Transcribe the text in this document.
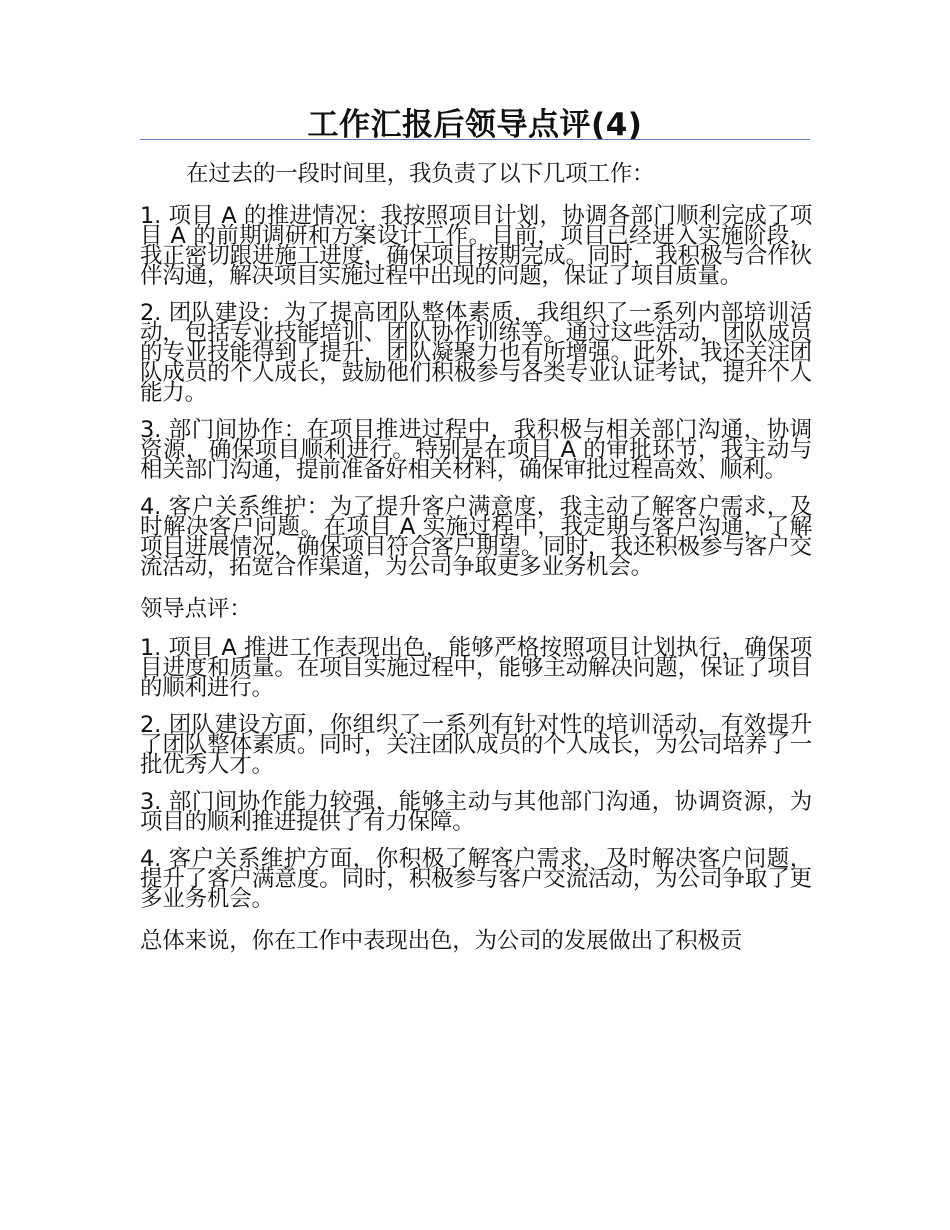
工作汇报后领导点评(4)

在过去的一段时间里，我负责了以下几项工作：

1. 项目 A 的推进情况：我按照项目计划，协调各部门顺利完成了项目 A 的前期调研和方案设计工作。目前，项目已经进入实施阶段，我正密切跟进施工进度，确保项目按期完成。同时，我积极与合作伙伴沟通，解决项目实施过程中出现的问题，保证了项目质量。

2. 团队建设：为了提高团队整体素质，我组织了一系列内部培训活动，包括专业技能培训、团队协作训练等。通过这些活动，团队成员的专业技能得到了提升，团队凝聚力也有所增强。此外，我还关注团队成员的个人成长，鼓励他们积极参与各类专业认证考试，提升个人能力。

3. 部门间协作：在项目推进过程中，我积极与相关部门沟通，协调资源，确保项目顺利进行。特别是在项目 A 的审批环节，我主动与相关部门沟通，提前准备好相关材料，确保审批过程高效、顺利。

4. 客户关系维护：为了提升客户满意度，我主动了解客户需求，及时解决客户问题。在项目 A 实施过程中，我定期与客户沟通，了解项目进展情况，确保项目符合客户期望。同时，我还积极参与客户交流活动，拓宽合作渠道，为公司争取更多业务机会。

领导点评：

1. 项目 A 推进工作表现出色，能够严格按照项目计划执行，确保项目进度和质量。在项目实施过程中，能够主动解决问题，保证了项目的顺利进行。

2. 团队建设方面，你组织了一系列有针对性的培训活动，有效提升了团队整体素质。同时，关注团队成员的个人成长，为公司培养了一批优秀人才。

3. 部门间协作能力较强，能够主动与其他部门沟通，协调资源，为项目的顺利推进提供了有力保障。

4. 客户关系维护方面，你积极了解客户需求，及时解决客户问题，提升了客户满意度。同时，积极参与客户交流活动，为公司争取了更多业务机会。

总体来说，你在工作中表现出色，为公司的发展做出了积极贡
